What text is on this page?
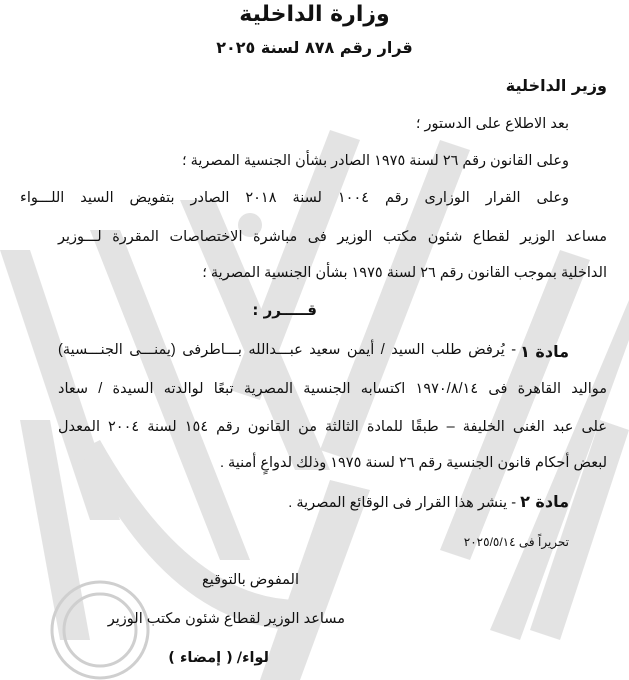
وزارة الداخلية
قرار رقم ٨٧٨ لسنة ٢٠٢٥
وزير الداخلية
بعد الاطلاع على الدستور ؛
وعلى القانون رقم ٢٦ لسنة ١٩٧٥ الصادر بشأن الجنسية المصرية ؛
وعلى القرار الوزارى رقم ١٠٠٤ لسنة ٢٠١٨ الصادر بتفويض السيد اللـــواء
مساعد الوزير لقطاع شئون مكتب الوزير فى مباشرة الاختصاصات المقررة لـــوزير
الداخلية بموجب القانون رقم ٢٦ لسنة ١٩٧٥ بشأن الجنسية المصرية ؛
قـــــرر :
مادة ١
- يُرفض طلب السيد / أيمن سعيد عبـــدالله بـــاطرفى (يمنـــى الجنـــسية)
مواليد القاهرة فى ١٩٧٠/٨/١٤ اكتسابه الجنسية المصرية تبعًا لوالدته السيدة / سعاد
على عبد الغنى الخليفة – طبقًا للمادة الثالثة من القانون رقم ١٥٤ لسنة ٢٠٠٤ المعدل
لبعض أحكام قانون الجنسية رقم ٢٦ لسنة ١٩٧٥ وذلك لدواعٍ أمنية .
مادة ٢ - ينشر هذا القرار فى الوقائع المصرية .
تحريراً فى ٢٠٢٥/٥/١٤
المفوض بالتوقيع
مساعد الوزير لقطاع شئون مكتب الوزير
لواء/ ( إمضاء )
